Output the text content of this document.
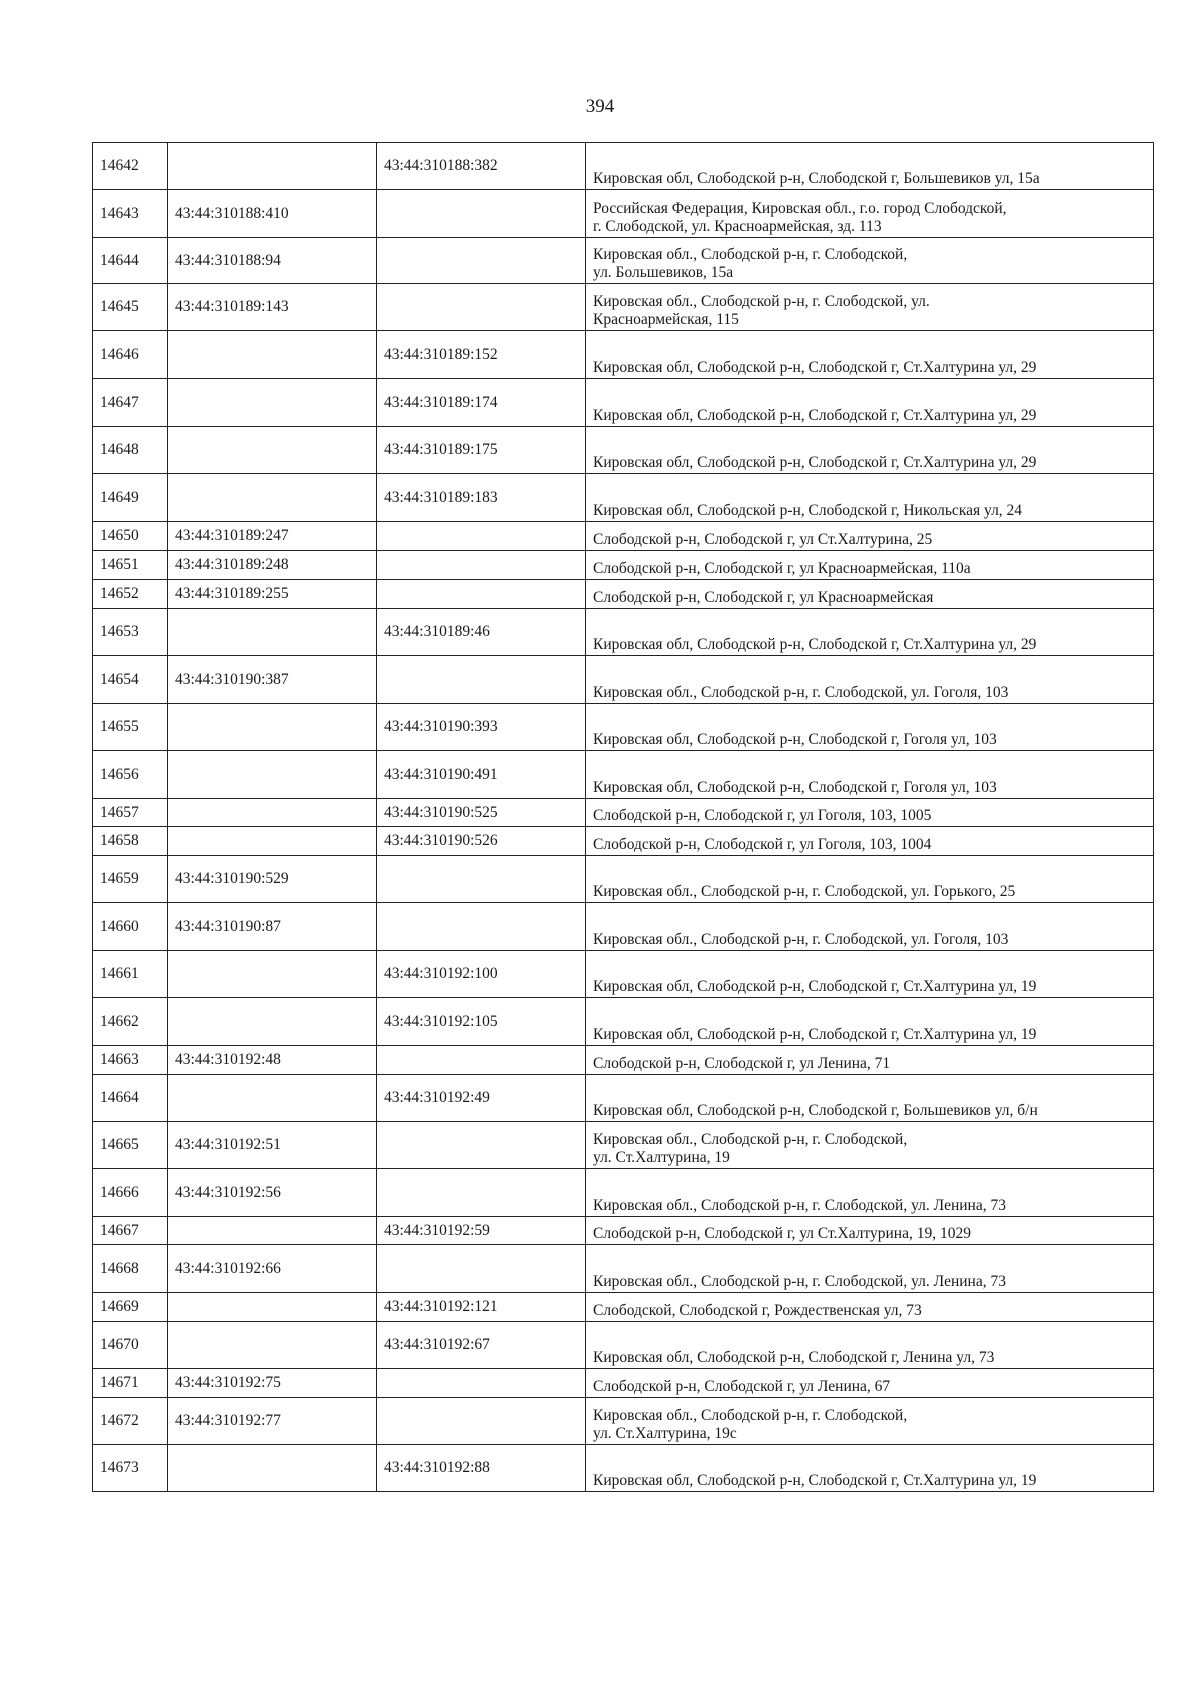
394
14642		43:44:310188:382	Кировская обл, Слободской р-н, Слободской г, Большевиков ул, 15а
14643	43:44:310188:410		Российская Федерация, Кировская обл., г.о. город Слободской,
г. Слободской, ул. Красноармейская, зд. 113
14644	43:44:310188:94		Кировская обл., Слободской р-н, г. Слободской,
ул. Большевиков, 15а
14645	43:44:310189:143		Кировская обл., Слободской р-н, г. Слободской, ул.
Красноармейская, 115
14646		43:44:310189:152	Кировская обл, Слободской р-н, Слободской г, Ст.Халтурина ул, 29
14647		43:44:310189:174	Кировская обл, Слободской р-н, Слободской г, Ст.Халтурина ул, 29
14648		43:44:310189:175	Кировская обл, Слободской р-н, Слободской г, Ст.Халтурина ул, 29
14649		43:44:310189:183	Кировская обл, Слободской р-н, Слободской г, Никольская ул, 24
14650	43:44:310189:247		Слободской р-н, Слободской г, ул Ст.Халтурина, 25
14651	43:44:310189:248		Слободской р-н, Слободской г, ул Красноармейская, 110а
14652	43:44:310189:255		Слободской р-н, Слободской г, ул Красноармейская
14653		43:44:310189:46	Кировская обл, Слободской р-н, Слободской г, Ст.Халтурина ул, 29
14654	43:44:310190:387		Кировская обл., Слободской р-н, г. Слободской, ул. Гоголя, 103
14655		43:44:310190:393	Кировская обл, Слободской р-н, Слободской г, Гоголя ул, 103
14656		43:44:310190:491	Кировская обл, Слободской р-н, Слободской г, Гоголя ул, 103
14657		43:44:310190:525	Слободской р-н, Слободской г, ул Гоголя, 103, 1005
14658		43:44:310190:526	Слободской р-н, Слободской г, ул Гоголя, 103, 1004
14659	43:44:310190:529		Кировская обл., Слободской р-н, г. Слободской, ул. Горького, 25
14660	43:44:310190:87		Кировская обл., Слободской р-н, г. Слободской, ул. Гоголя, 103
14661		43:44:310192:100	Кировская обл, Слободской р-н, Слободской г, Ст.Халтурина ул, 19
14662		43:44:310192:105	Кировская обл, Слободской р-н, Слободской г, Ст.Халтурина ул, 19
14663	43:44:310192:48		Слободской р-н, Слободской г, ул Ленина, 71
14664		43:44:310192:49	Кировская обл, Слободской р-н, Слободской г, Большевиков ул, б/н
14665	43:44:310192:51		Кировская обл., Слободской р-н, г. Слободской,
ул. Ст.Халтурина, 19
14666	43:44:310192:56		Кировская обл., Слободской р-н, г. Слободской, ул. Ленина, 73
14667		43:44:310192:59	Слободской р-н, Слободской г, ул Ст.Халтурина, 19, 1029
14668	43:44:310192:66		Кировская обл., Слободской р-н, г. Слободской, ул. Ленина, 73
14669		43:44:310192:121	Слободской, Слободской г, Рождественская ул, 73
14670		43:44:310192:67	Кировская обл, Слободской р-н, Слободской г, Ленина ул, 73
14671	43:44:310192:75		Слободской р-н, Слободской г, ул Ленина, 67
14672	43:44:310192:77		Кировская обл., Слободской р-н, г. Слободской,
ул. Ст.Халтурина, 19с
14673		43:44:310192:88	Кировская обл, Слободской р-н, Слободской г, Ст.Халтурина ул, 19
